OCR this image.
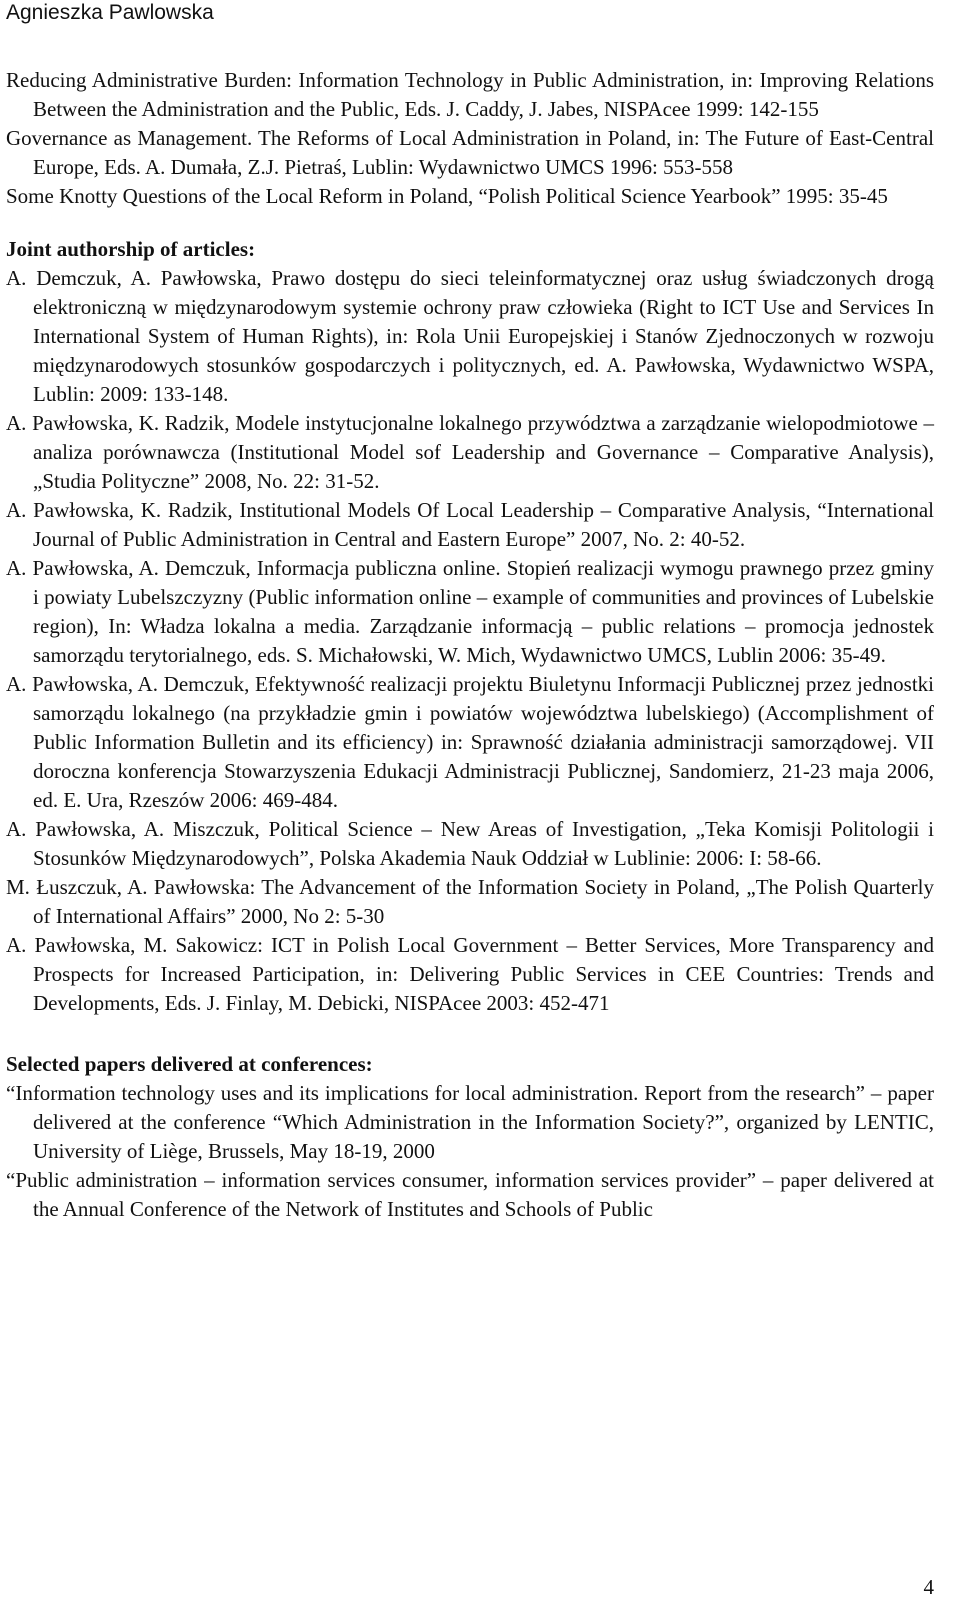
Agnieszka Pawlowska

Reducing Administrative Burden: Information Technology in Public Administration, in: Improving Relations Between the Administration and the Public, Eds. J. Caddy, J. Jabes, NISPAcee 1999: 142-155

Governance as Management. The Reforms of Local Administration in Poland, in: The Future of East-Central Europe, Eds. A. Dumała, Z.J. Pietraś, Lublin: Wydawnictwo UMCS 1996: 553-558

Some Knotty Questions of the Local Reform in Poland, “Polish Political Science Yearbook” 1995: 35-45

Joint authorship of articles:

A. Demczuk, A. Pawłowska, Prawo dostępu do sieci teleinformatycznej oraz usług świadczonych drogą elektroniczną w międzynarodowym systemie ochrony praw człowieka (Right to ICT Use and Services In International System of Human Rights), in: Rola Unii Europejskiej i Stanów Zjednoczonych w rozwoju międzynarodowych stosunków gospodarczych i politycznych, ed. A. Pawłowska, Wydawnictwo WSPA, Lublin: 2009: 133-148.

A. Pawłowska, K. Radzik, Modele instytucjonalne lokalnego przywództwa a zarządzanie wielopodmiotowe – analiza porównawcza (Institutional Model sof Leadership and Governance – Comparative Analysis), „Studia Polityczne” 2008, No. 22: 31-52.

A. Pawłowska, K. Radzik, Institutional Models Of Local Leadership – Comparative Analysis, “International Journal of Public Administration in Central and Eastern Europe” 2007, No. 2: 40-52.

A. Pawłowska, A. Demczuk, Informacja publiczna online. Stopień realizacji wymogu prawnego przez gminy i powiaty Lubelszczyzny (Public information online – example of communities and provinces of Lubelskie region), In: Władza lokalna a media. Zarządzanie informacją – public relations – promocja jednostek samorządu terytorialnego, eds. S. Michałowski, W. Mich, Wydawnictwo UMCS, Lublin 2006: 35-49.

A. Pawłowska, A. Demczuk, Efektywność realizacji projektu Biuletynu Informacji Publicznej przez jednostki samorządu lokalnego (na przykładzie gmin i powiatów województwa lubelskiego) (Accomplishment of Public Information Bulletin and its efficiency) in: Sprawność działania administracji samorządowej. VII doroczna konferencja Stowarzyszenia Edukacji Administracji Publicznej, Sandomierz, 21-23 maja 2006, ed. E. Ura, Rzeszów 2006: 469-484.

A. Pawłowska, A. Miszczuk, Political Science – New Areas of Investigation, „Teka Komisji Politologii i Stosunków Międzynarodowych”, Polska Akademia Nauk Oddział w Lublinie: 2006: I: 58-66.

M. Łuszczuk, A. Pawłowska: The Advancement of the Information Society in Poland, „The Polish Quarterly of International Affairs” 2000, No 2: 5-30

A. Pawłowska, M. Sakowicz: ICT in Polish Local Government – Better Services, More Transparency and Prospects for Increased Participation, in: Delivering Public Services in CEE Countries: Trends and Developments, Eds. J. Finlay, M. Debicki, NISPAcee 2003: 452-471

Selected papers delivered at conferences:

“Information technology uses and its implications for local administration. Report from the research” – paper delivered at the conference “Which Administration in the Information Society?”, organized by LENTIC, University of Liège, Brussels, May 18-19, 2000

“Public administration – information services consumer, information services provider” – paper delivered at the Annual Conference of the Network of Institutes and Schools of Public

4
